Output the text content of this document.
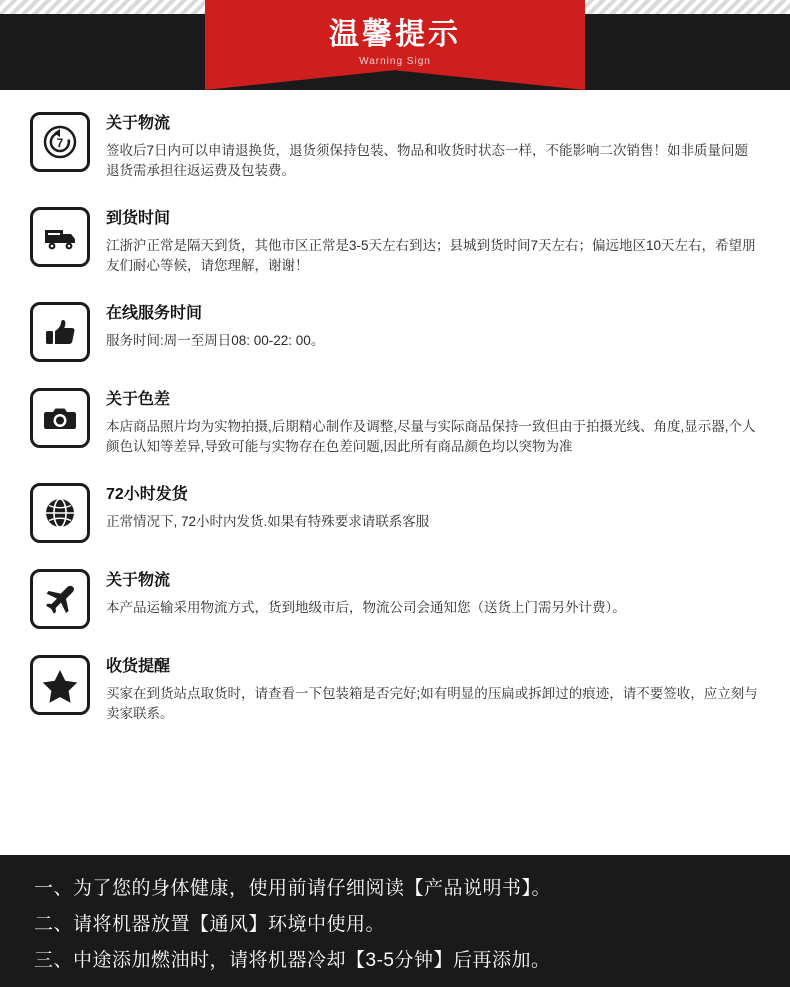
温馨提示
Warning Sign
7

关于物流

签收后7日内可以申请退换货，退货须保持包装、物品和收货时状态一样，不能影响二次销售！如非质量问题退货需承担往返运费及包装费。

到货时间

江浙沪正常是隔天到货，其他市区正常是3-5天左右到达；县城到货时间7天左右；偏远地区10天左右，希望朋友们耐心等候，请您理解，谢谢！

在线服务时间

服务时间:周一至周日08: 00-22: 00。

关于色差

本店商品照片均为实物拍摄,后期精心制作及调整,尽量与实际商品保持一致但由于拍摄光线、角度,显示器,个人颜色认知等差异,导致可能与实物存在色差问题,因此所有商品颜色均以突物为准

72小时发货

正常情况下, 72小时内发货.如果有特殊要求请联系客服

关于物流

本产品运输采用物流方式，货到地级市后，物流公司会通知您（送货上门需另外计费）。

收货提醒

买家在到货站点取货时，请查看一下包装箱是否完好;如有明显的压扁或拆卸过的痕迹，请不要签收，应立刻与卖家联系。

一、为了您的身体健康，使用前请仔细阅读【产品说明书】。
二、请将机器放置【通风】环境中使用。
三、中途添加燃油时，请将机器冷却【3-5分钟】后再添加。
